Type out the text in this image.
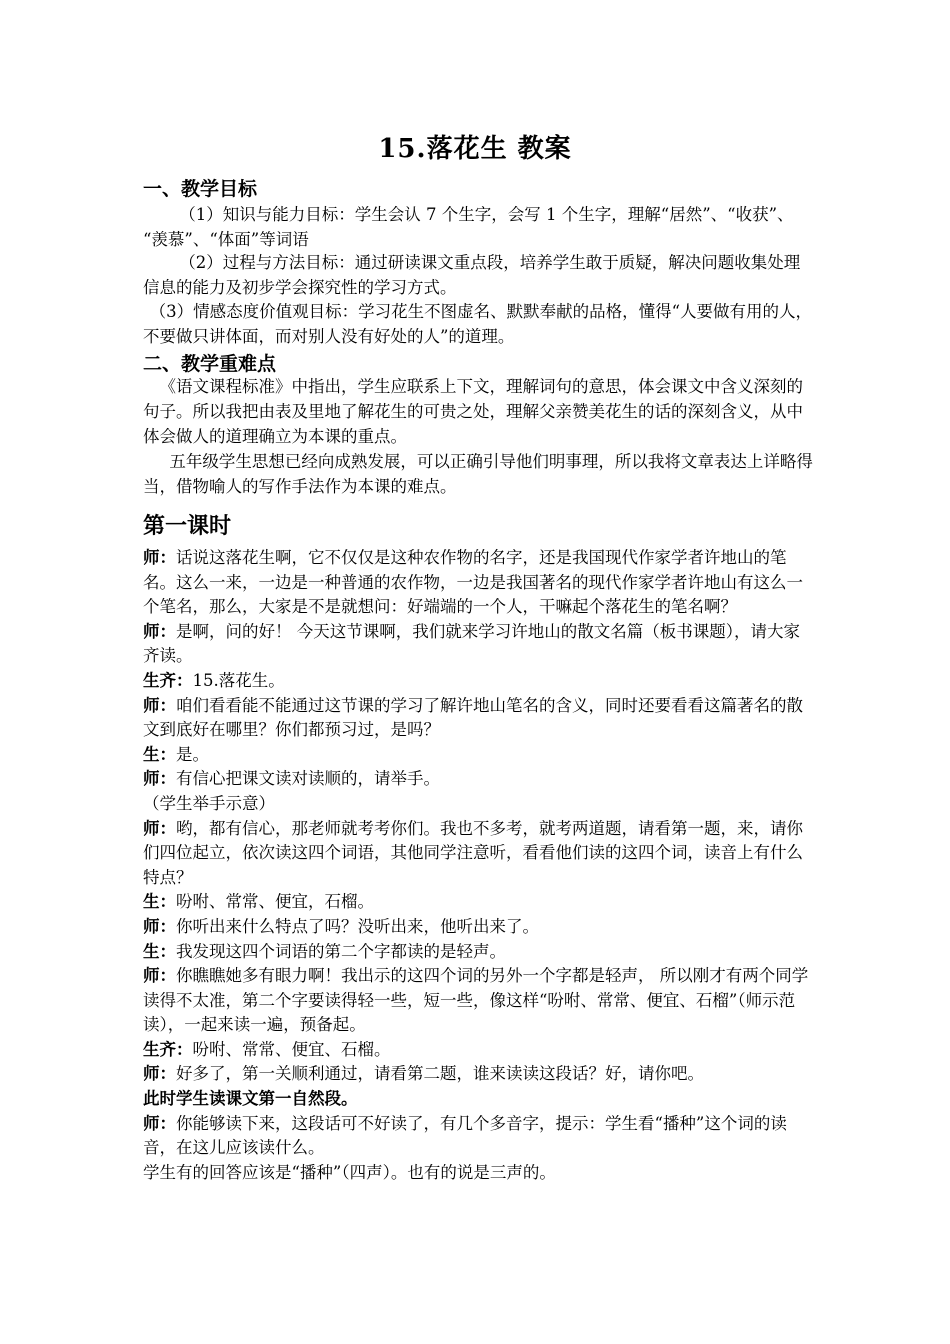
15.落花生 教案
一、教学目标
（1）知识与能力目标：学生会认 7 个生字，会写 1 个生字，理解“居然”、“收获”、 “羡慕”、“体面”等词语
（2）过程与方法目标：通过研读课文重点段，培养学生敢于质疑，解决问题收集处理信息的能力及初步学会探究性的学习方式。
（3）情感态度价值观目标：学习花生不图虚名、默默奉献的品格，懂得“人要做有用的人，不要做只讲体面，而对别人没有好处的人”的道理。
二、教学重难点
《语文课程标准》中指出，学生应联系上下文，理解词句的意思，体会课文中含义深刻的句子。所以我把由表及里地了解花生的可贵之处，理解父亲赞美花生的话的深刻含义，从中体会做人的道理确立为本课的重点。
五年级学生思想已经向成熟发展，可以正确引导他们明事理，所以我将文章表达上详略得当，借物喻人的写作手法作为本课的难点。
第一课时

师：话说这落花生啊，它不仅仅是这种农作物的名字，还是我国现代作家学者许地山的笔名。这么一来，一边是一种普通的农作物，一边是我国著名的现代作家学者许地山有这么一个笔名，那么，大家是不是就想问：好端端的一个人，干嘛起个落花生的笔名啊？

师：是啊，问的好！ 今天这节课啊，我们就来学习许地山的散文名篇（板书课题），请大家齐读。

生齐：15.落花生。

师：咱们看看能不能通过这节课的学习了解许地山笔名的含义，同时还要看看这篇著名的散文到底好在哪里？你们都预习过，是吗？

生：是。

师：有信心把课文读对读顺的，请举手。

（学生举手示意）

师：哟，都有信心，那老师就考考你们。我也不多考，就考两道题，请看第一题，来，请你们四位起立，依次读这四个词语，其他同学注意听，看看他们读的这四个词，读音上有什么特点？

生：吩咐、常常、便宜，石榴。

师：你听出来什么特点了吗？没听出来，他听出来了。

生：我发现这四个词语的第二个字都读的是轻声。

师：你瞧瞧她多有眼力啊！我出示的这四个词的另外一个字都是轻声， 所以刚才有两个同学读得不太准，第二个字要读得轻一些，短一些，像这样“吩咐、常常、便宜、石榴”（师示范读），一起来读一遍，预备起。

生齐：吩咐、常常、便宜、石榴。

师：好多了，第一关顺利通过，请看第二题，谁来读读这段话？好，请你吧。

此时学生读课文第一自然段。

师：你能够读下来，这段话可不好读了，有几个多音字，提示：学生看“播种”这个词的读音，在这儿应该读什么。

学生有的回答应该是“播种”（四声）。也有的说是三声的。
